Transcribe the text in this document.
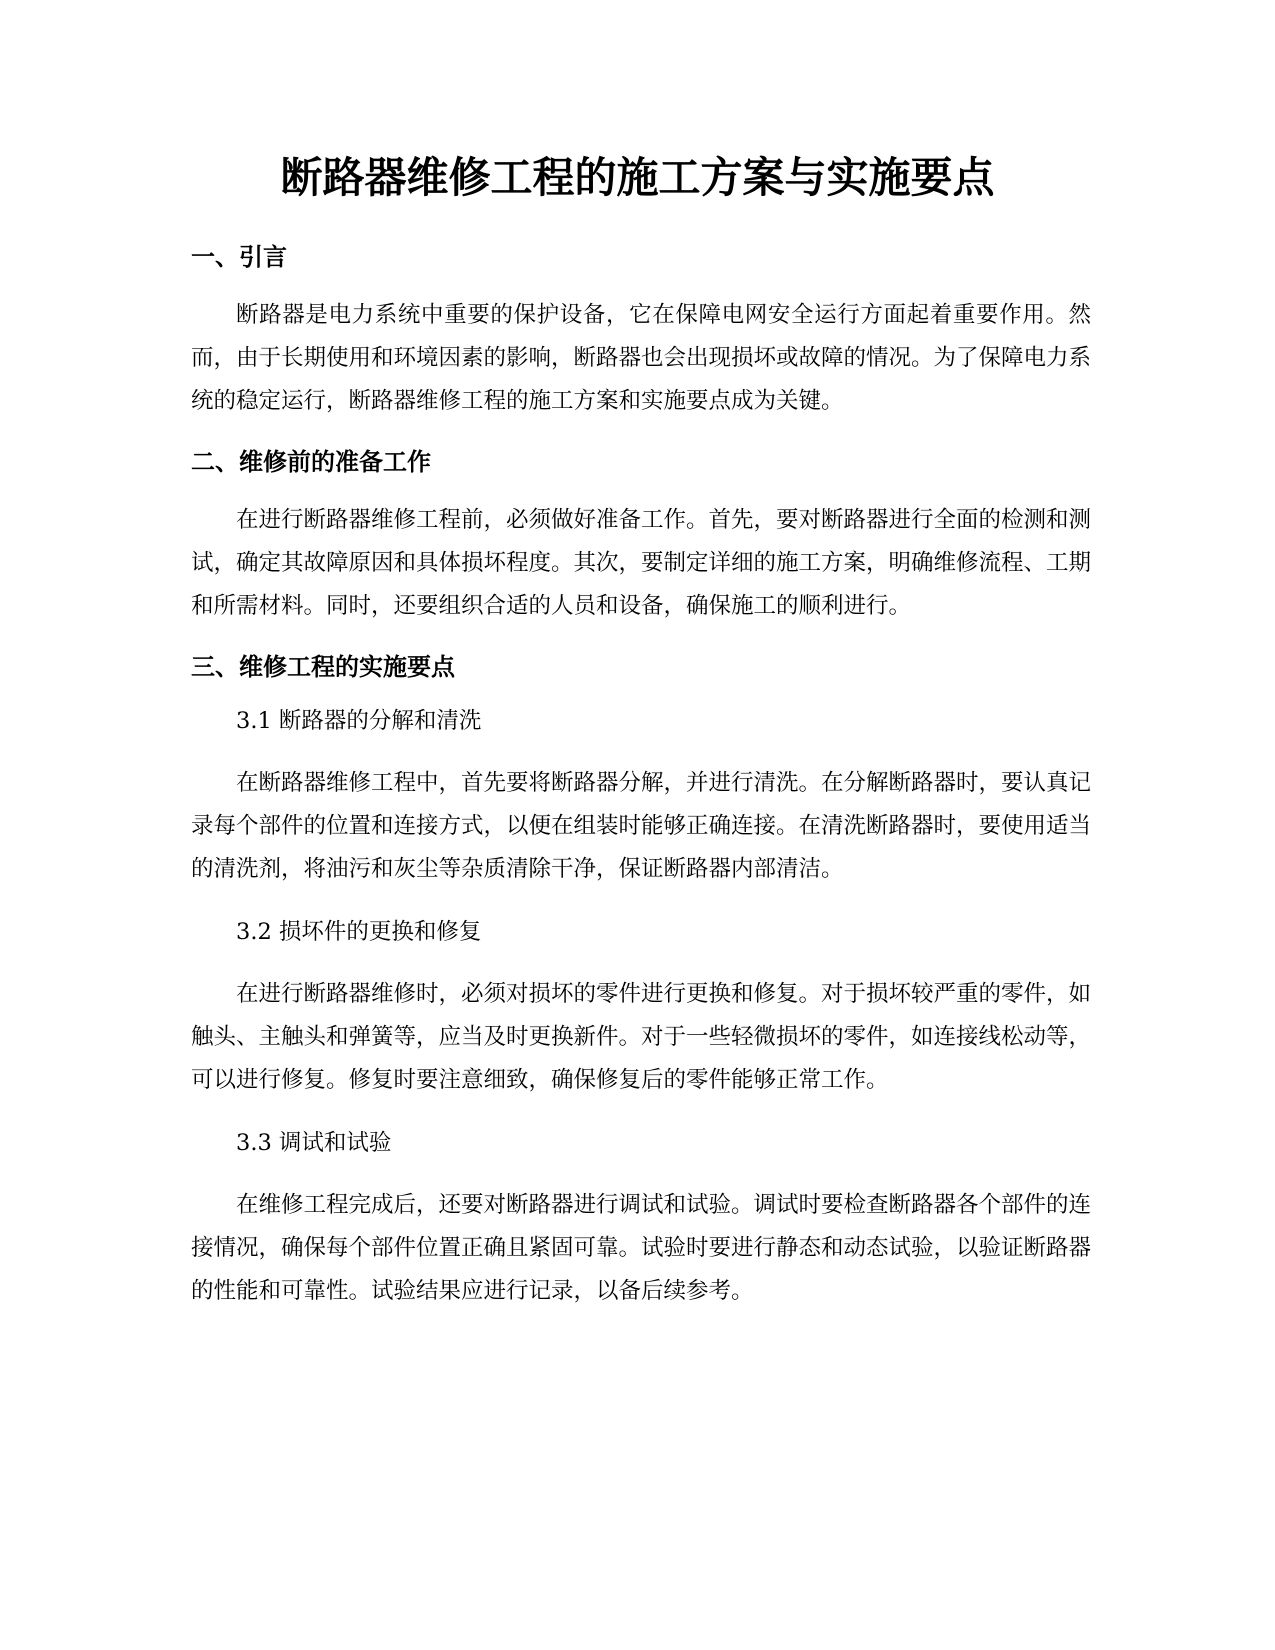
断路器维修工程的施工方案与实施要点
一、引言

断路器是电力系统中重要的保护设备，它在保障电网安全运行方面起着重要作用。然而，由于长期使用和环境因素的影响，断路器也会出现损坏或故障的情况。为了保障电力系统的稳定运行，断路器维修工程的施工方案和实施要点成为关键。

二、维修前的准备工作

在进行断路器维修工程前，必须做好准备工作。首先，要对断路器进行全面的检测和测试，确定其故障原因和具体损坏程度。其次，要制定详细的施工方案，明确维修流程、工期和所需材料。同时，还要组织合适的人员和设备，确保施工的顺利进行。

三、维修工程的实施要点

3.1 断路器的分解和清洗

在断路器维修工程中，首先要将断路器分解，并进行清洗。在分解断路器时，要认真记录每个部件的位置和连接方式，以便在组装时能够正确连接。在清洗断路器时，要使用适当的清洗剂，将油污和灰尘等杂质清除干净，保证断路器内部清洁。

3.2 损坏件的更换和修复

在进行断路器维修时，必须对损坏的零件进行更换和修复。对于损坏较严重的零件，如触头、主触头和弹簧等，应当及时更换新件。对于一些轻微损坏的零件，如连接线松动等，可以进行修复。修复时要注意细致，确保修复后的零件能够正常工作。

3.3 调试和试验

在维修工程完成后，还要对断路器进行调试和试验。调试时要检查断路器各个部件的连接情况，确保每个部件位置正确且紧固可靠。试验时要进行静态和动态试验，以验证断路器的性能和可靠性。试验结果应进行记录，以备后续参考。
